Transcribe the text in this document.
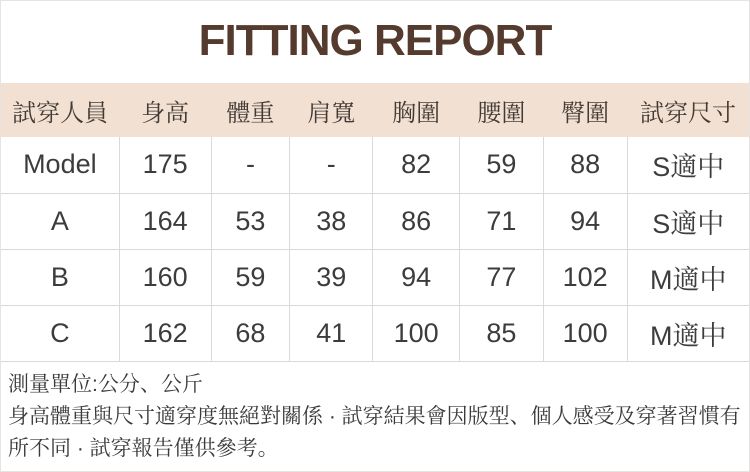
FITTING REPORT
試穿人員	身高	體重	肩寬	胸圍	腰圍	臀圍	試穿尺寸
Model	175	-	-	82	59	88	S適中
A	164	53	38	86	71	94	S適中
B	160	59	39	94	77	102	M適中
C	162	68	41	100	85	100	M適中

測量單位:公分、公斤

身高體重與尺寸適穿度無絕對關係 · 試穿結果會因版型、個人感受及穿著習慣有所不同 · 試穿報告僅供參考。
